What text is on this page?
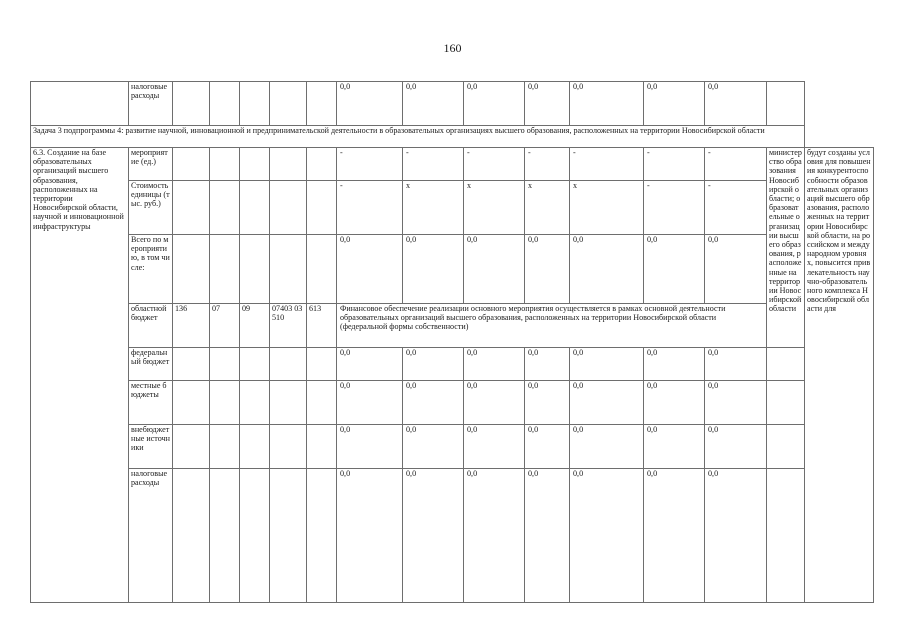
160
	налоговые расходы						0,0	0,0	0,0	0,0	0,0	0,0	0,0		
Задача 3 подпрограммы 4: развитие научной, инновационной и предпринимательской деятельности в образовательных организациях высшего образования, расположенных на территории Новосибирской области															
6.3. Создание на базе образовательных организаций высшего образования, расположенных на территории Новосибирской области, научной и инновационной инфраструктуры	мероприятие (ед.)						-	-	-	-	-	-	-	министерство образования Новосибирской области; образовательные организации высшего образования, расположенные на территории Новосибирской области	будут созданы условия для повышения конкурентоспособности образовательных организаций высшего образования, расположенных на территории Новосибирской области, на российском и международном уровнях, повысится привлекательность научно-образовательного комплекса Новосибирской области для
	Стоимость единицы (тыс. руб.)						-	x	x	x	x	-	-		
	Всего по мероприятию, в том числе:						0,0	0,0	0,0	0,0	0,0	0,0	0,0		
	областной бюджет	136	07	09	07403 03510	613	Финансовое обеспечение реализации основного мероприятия осуществляется в рамках основной деятельности образовательных организаций высшего образования, расположенных на территории Новосибирской области (федеральной формы собственности)								
	федеральный бюджет						0,0	0,0	0,0	0,0	0,0	0,0	0,0		
	местные бюджеты						0,0	0,0	0,0	0,0	0,0	0,0	0,0		
	внебюджетные источники						0,0	0,0	0,0	0,0	0,0	0,0	0,0		
	налоговые расходы						0,0	0,0	0,0	0,0	0,0	0,0	0,0		
